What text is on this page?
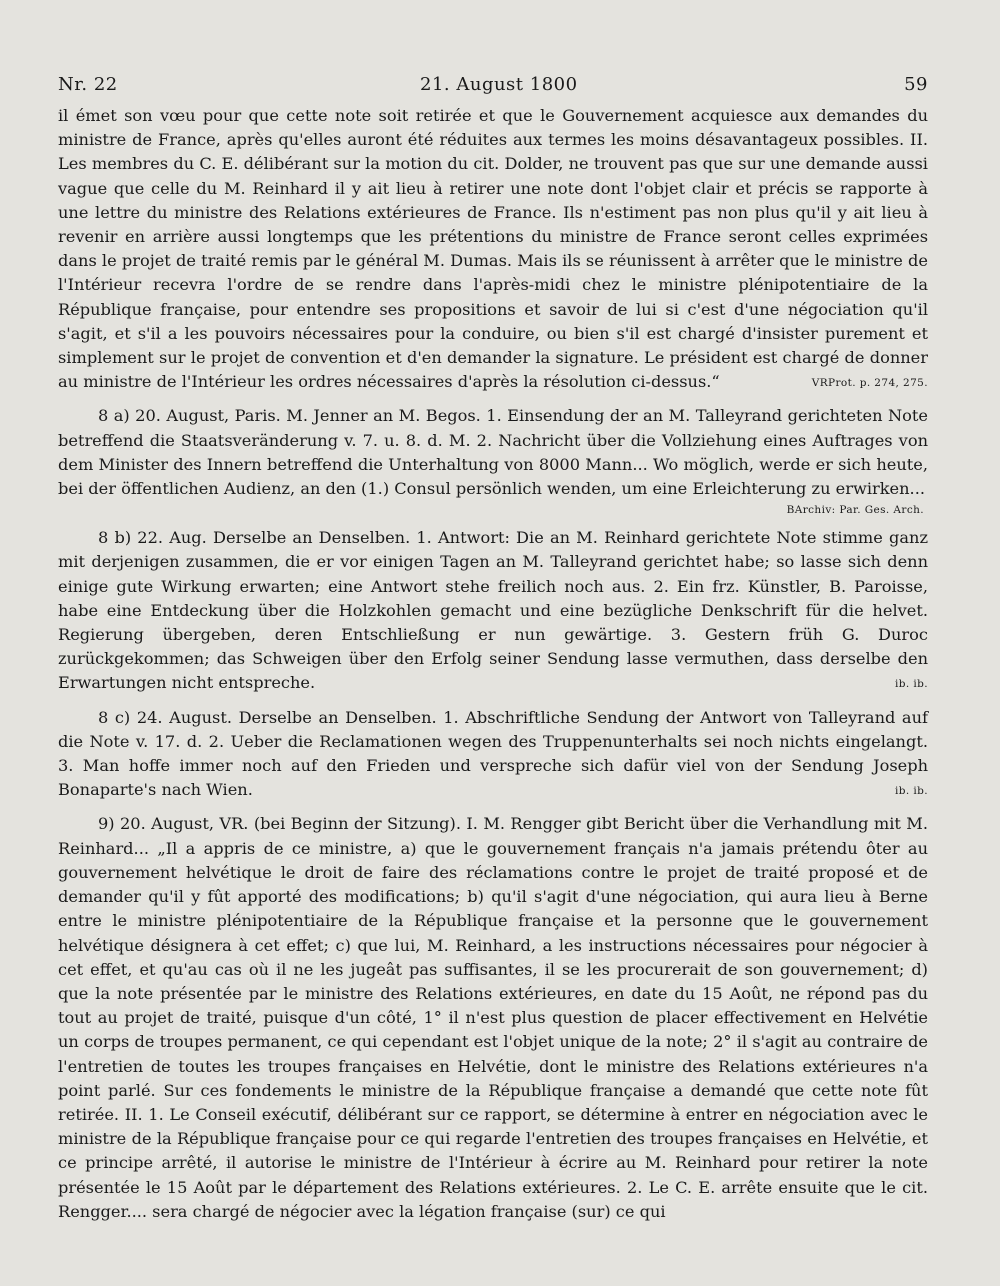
Nr. 22	21. August 1800	59

il émet son vœu pour que cette note soit retirée et que le Gouvernement acquiesce aux demandes du ministre de France, après qu'elles auront été réduites aux termes les moins désavantageux possibles. II. Les membres du C. E. délibérant sur la motion du cit. Dolder, ne trouvent pas que sur une demande aussi vague que celle du M. Reinhard il y ait lieu à retirer une note dont l'objet clair et précis se rapporte à une lettre du ministre des Relations extérieures de France. Ils n'estiment pas non plus qu'il y ait lieu à revenir en arrière aussi longtemps que les prétentions du ministre de France seront celles exprimées dans le projet de traité remis par le général M. Dumas. Mais ils se réunissent à arrêter que le ministre de l'Intérieur recevra l'ordre de se rendre dans l'après-midi chez le ministre plénipotentiaire de la République française, pour entendre ses propositions et savoir de lui si c'est d'une négociation qu'il s'agit, et s'il a les pouvoirs nécessaires pour la conduire, ou bien s'il est chargé d'insister purement et simplement sur le projet de convention et d'en demander la signature. Le président est chargé de donner au ministre de l'Intérieur les ordres nécessaires d'après la résolution ci-dessus.“	VRProt. p. 274, 275.

8 a) 20. August, Paris. M. Jenner an M. Begos. 1. Einsendung der an M. Talleyrand gerichteten Note betreffend die Staatsveränderung v. 7. u. 8. d. M. 2. Nachricht über die Vollziehung eines Auftrages von dem Minister des Innern betreffend die Unterhaltung von 8000 Mann... Wo möglich, werde er sich heute, bei der öffentlichen Audienz, an den (1.) Consul persönlich wenden, um eine Erleichterung zu erwirken...

BArchiv: Par. Ges. Arch.

8 b) 22. Aug. Derselbe an Denselben. 1. Antwort: Die an M. Reinhard gerichtete Note stimme ganz mit derjenigen zusammen, die er vor einigen Tagen an M. Talleyrand gerichtet habe; so lasse sich denn einige gute Wirkung erwarten; eine Antwort stehe freilich noch aus. 2. Ein frz. Künstler, B. Paroisse, habe eine Entdeckung über die Holzkohlen gemacht und eine bezügliche Denkschrift für die helvet. Regierung übergeben, deren Entschließung er nun gewärtige. 3. Gestern früh G. Duroc zurückgekommen; das Schweigen über den Erfolg seiner Sendung lasse vermuthen, dass derselbe den Erwartungen nicht entspreche.	ib. ib.

8 c) 24. August. Derselbe an Denselben. 1. Abschriftliche Sendung der Antwort von Talleyrand auf die Note v. 17. d. 2. Ueber die Reclamationen wegen des Truppenunterhalts sei noch nichts eingelangt. 3. Man hoffe immer noch auf den Frieden und verspreche sich dafür viel von der Sendung Joseph Bonaparte's nach Wien.	ib. ib.

9) 20. August, VR. (bei Beginn der Sitzung). I. M. Rengger gibt Bericht über die Verhandlung mit M. Reinhard... „Il a appris de ce ministre, a) que le gouvernement français n'a jamais prétendu ôter au gouvernement helvétique le droit de faire des réclamations contre le projet de traité proposé et de demander qu'il y fût apporté des modifications; b) qu'il s'agit d'une négociation, qui aura lieu à Berne entre le ministre plénipotentiaire de la République française et la personne que le gouvernement helvétique désignera à cet effet; c) que lui, M. Reinhard, a les instructions nécessaires pour négocier à cet effet, et qu'au cas où il ne les jugeât pas suffisantes, il se les procurerait de son gouvernement; d) que la note présentée par le ministre des Relations extérieures, en date du 15 Août, ne répond pas du tout au projet de traité, puisque d'un côté, 1° il n'est plus question de placer effectivement en Helvétie un corps de troupes permanent, ce qui cependant est l'objet unique de la note; 2° il s'agit au contraire de l'entretien de toutes les troupes françaises en Helvétie, dont le ministre des Relations extérieures n'a point parlé. Sur ces fondements le ministre de la République française a demandé que cette note fût retirée. II. 1. Le Conseil exécutif, délibérant sur ce rapport, se détermine à entrer en négociation avec le ministre de la République française pour ce qui regarde l'entretien des troupes françaises en Helvétie, et ce principe arrêté, il autorise le ministre de l'Intérieur à écrire au M. Reinhard pour retirer la note présentée le 15 Août par le département des Relations extérieures. 2. Le C. E. arrête ensuite que le cit. Rengger.... sera chargé de négocier avec la légation française (sur) ce qui
